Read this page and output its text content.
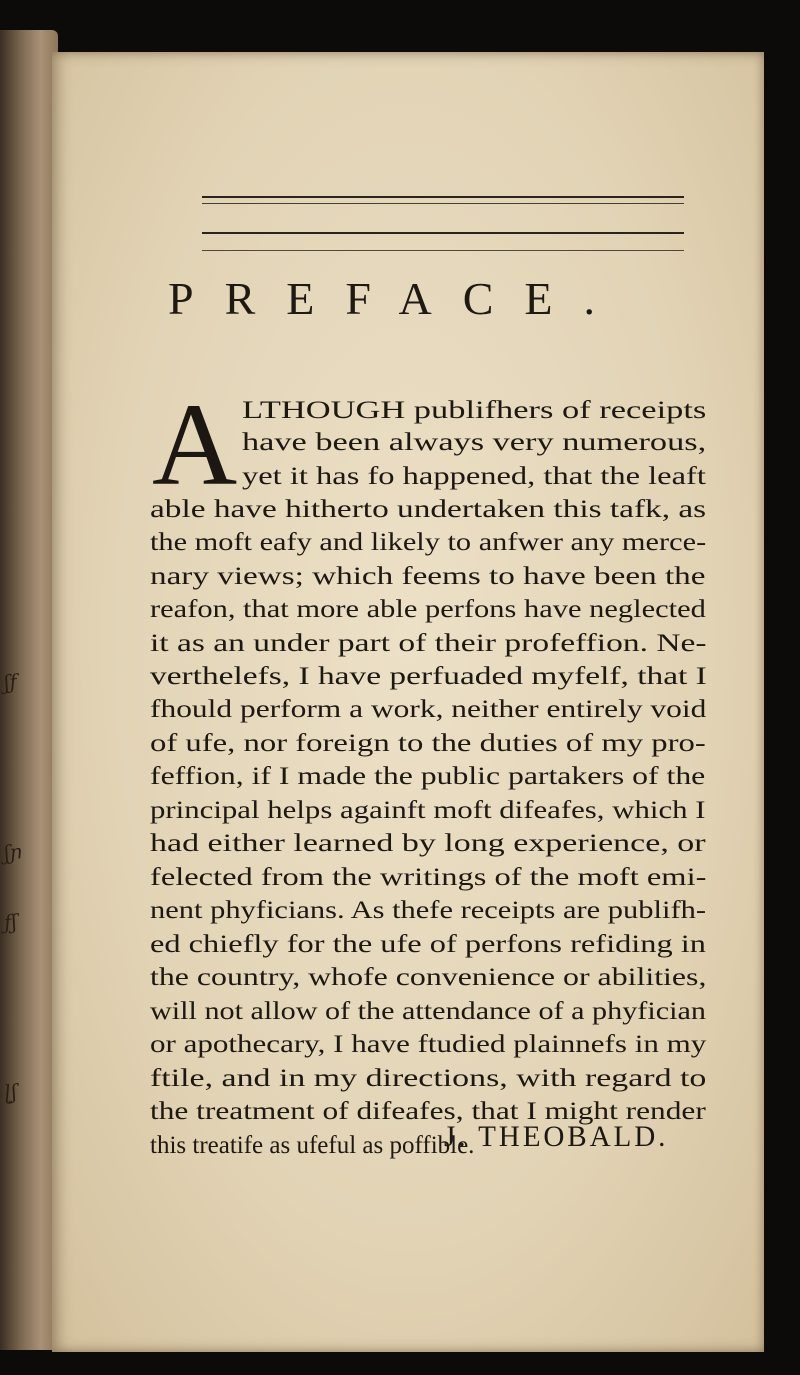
ʃƒ
ʃɲ
ƒʃ
ɭʃ
PREFACE.
A LTHOUGH publifhers of receipts
have been always very numerous,
yet it has fo happened, that the leaft
able have hitherto undertaken this tafk, as
the moft eafy and likely to anfwer any merce-
nary views; which feems to have been the
reafon, that more able perfons have neglected
it as an under part of their profeffion. Ne-
verthelefs, I have perfuaded myfelf, that I
fhould perform a work, neither entirely void
of ufe, nor foreign to the duties of my pro-
feffion, if I made the public partakers of the
principal helps againft moft difeafes, which I
had either learned by long experience, or
felected from the writings of the moft emi-
nent phyficians. As thefe receipts are publifh-
ed chiefly for the ufe of perfons refiding in
the country, whofe convenience or abilities,
will not allow of the attendance of a phyfician
or apothecary, I have ftudied plainnefs in my
ftile, and in my directions, with regard to
the treatment of difeafes, that I might render
this treatife as ufeful as poffible.
J. THEOBALD.
